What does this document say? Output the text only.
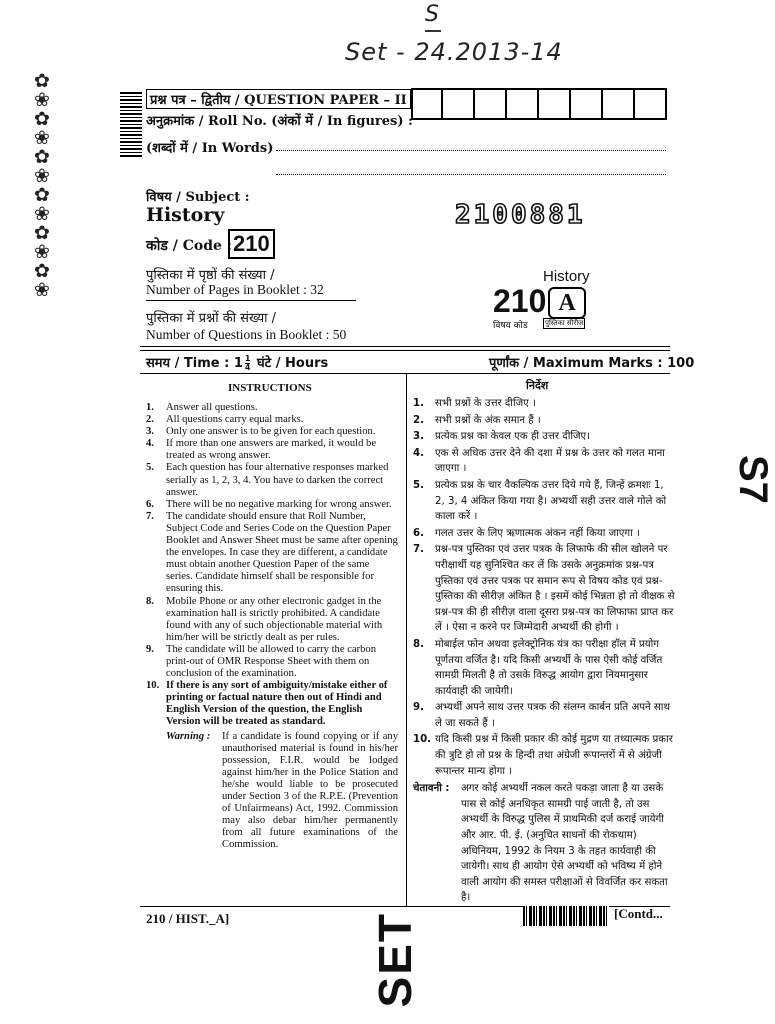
S
Set - 24.2013-14
✿
❀
✿
❀
✿
❀
✿
❀
✿
❀
✿
❀
प्रश्न पत्र – द्वितीय / QUESTION PAPER – II
अनुक्रमांक / Roll No. (अंकों में / In figures) :
(शब्दों में / In Words)
विषय / Subject :
History	2100881
कोड / Code : 210
पुस्तिका में पृष्ठों की संख्या /
Number of Pages in Booklet : 32
पुस्तिका में प्रश्नों की संख्या /
Number of Questions in Booklet : 50
History
210 A
विषय कोड पुस्तिका सीरीज
समय / Time : $1 \frac{1}{4}$ घंटे / Hours	पूर्णांक / Maximum Marks : 100
INSTRUCTIONS
1. Answer all questions.
2. All questions carry equal marks.
3. Only one answer is to be given for each question.
4. If more than one answers are marked, it would be treated as wrong answer.
5. Each question has four alternative responses marked serially as 1, 2, 3, 4. You have to darken the correct answer.
6. There will be no negative marking for wrong answer.
7. The candidate should ensure that Roll Number, Subject Code and Series Code on the Question Paper Booklet and Answer Sheet must be same after opening the envelopes. In case they are different, a candidate must obtain another Question Paper of the same series. Candidate himself shall be responsible for ensuring this.
8. Mobile Phone or any other electronic gadget in the examination hall is strictly prohibited. A candidate found with any of such objectionable material with him/her will be strictly dealt as per rules.
9. The candidate will be allowed to carry the carbon print-out of OMR Response Sheet with them on conclusion of the examination.
10. If there is any sort of ambiguity/mistake either of printing or factual nature then out of Hindi and English Version of the question, the English Version will be treated as standard.
Warning : If a candidate is found copying or if any unauthorised material is found in his/her possession, F.I.R. would be lodged against him/her in the Police Station and he/she would liable to be prosecuted under Section 3 of the R.P.E. (Prevention of Unfairmeans) Act, 1992. Commission may also debar him/her permanently from all future examinations of the Commission.
निर्देश
1. सभी प्रश्नों के उत्तर दीजिए ।
2. सभी प्रश्नों के अंक समान हैं ।
3. प्रत्येक प्रश्न का केवल एक ही उत्तर दीजिए।
4. एक से अधिक उत्तर देने की दशा में प्रश्न के उत्तर को गलत माना जाएगा ।
5. प्रत्येक प्रश्न के चार वैकल्पिक उत्तर दिये गये हैं, जिन्हें क्रमशः 1, 2, 3, 4 अंकित किया गया है। अभ्यर्थी सही उत्तर वाले गोले को काला करें ।
6. गलत उत्तर के लिए ऋणात्मक अंकन नहीं किया जाएगा ।
7. प्रश्न-पत्र पुस्तिका एवं उत्तर पत्रक के लिफाफे की सील खोलने पर परीक्षार्थी यह सुनिश्चित कर लें कि उसके अनुक्रमांक प्रश्न-पत्र पुस्तिका एवं उत्तर पत्रक पर समान रूप से विषय कोड एवं प्रश्न-पुस्तिका की सीरीज़ अंकित है । इसमें कोई भिन्नता हो तो वीक्षक से प्रश्न-पत्र की ही सीरीज़ वाला दूसरा प्रश्न-पत्र का लिफाफा प्राप्त कर लें । ऐसा न करने पर जिम्मेदारी अभ्यर्थी की होगी ।
8. मोबाईल फोन अथवा इलेक्ट्रोनिक यंत्र का परीक्षा हॉल में प्रयोग पूर्णतया वर्जित है। यदि किसी अभ्यर्थी के पास ऐसी कोई वर्जित सामग्री मिलती है तो उसके विरुद्ध आयोग द्वारा नियमानुसार कार्यवाही की जायेगी।
9. अभ्यर्थी अपने साथ उत्तर पत्रक की संलग्न कार्बन प्रति अपने साथ ले जा सकते हैं ।
10. यदि किसी प्रश्न में किसी प्रकार की कोई मुद्रण या तथ्यात्मक प्रकार की त्रुटि हो तो प्रश्न के हिन्दी तथा अंग्रेजी रूपान्तरों में से अंग्रेजी रूपान्तर मान्य होगा ।
चेतावनी : अगर कोई अभ्यर्थी नकल करते पकड़ा जाता है या उसके पास से कोई अनधिकृत सामग्री पाई जाती है, तो उस अभ्यर्थी के विरुद्ध पुलिस में प्राथमिकी दर्ज कराई जायेगी और आर. पी. ई. (अनुचित साधनों की रोकथाम) अधिनियम, 1992 के नियम 3 के तहत कार्यवाही की जायेगी। साथ ही आयोग ऐसे अभ्यर्थी को भविष्य में होने वाली आयोग की समस्त परीक्षाओं से विवर्जित कर सकता है।
210 / HIST._A]	[Contd...
SET
S7
